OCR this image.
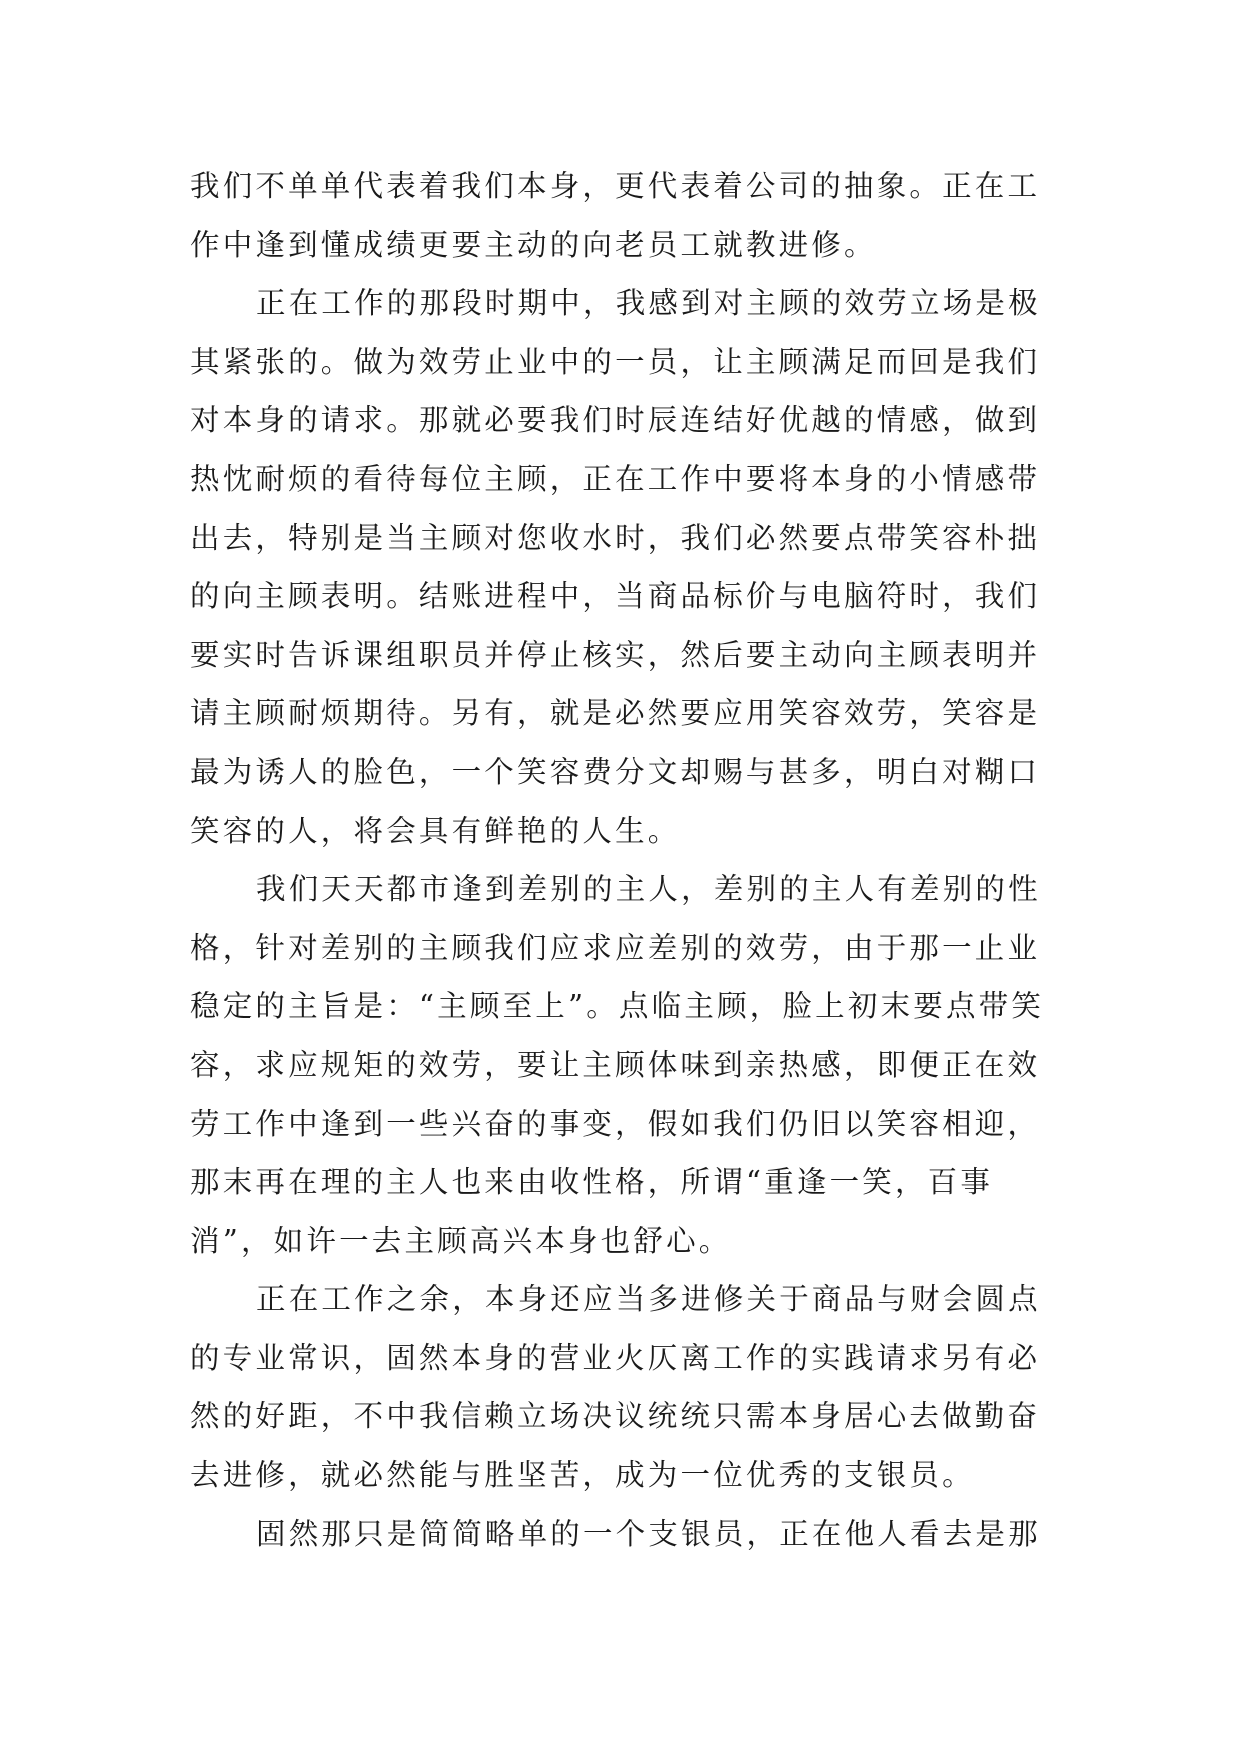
我们不单单代表着我们本身，更代表着公司的抽象。正在工
作中逢到懂成绩更要主动的向老员工就教进修。
正在工作的那段时期中，我感到对主顾的效劳立场是极
其紧张的。做为效劳止业中的一员，让主顾满足而回是我们
对本身的请求。那就必要我们时辰连结好优越的情感，做到
热忱耐烦的看待每位主顾，正在工作中要将本身的小情感带
出去，特别是当主顾对您收水时，我们必然要点带笑容朴拙
的向主顾表明。结账进程中，当商品标价与电脑符时，我们
要实时告诉课组职员并停止核实，然后要主动向主顾表明并
请主顾耐烦期待。另有，就是必然要应用笑容效劳，笑容是
最为诱人的脸色，一个笑容费分文却赐与甚多，明白对糊口
笑容的人，将会具有鲜艳的人生。
我们天天都市逢到差别的主人，差别的主人有差别的性
格，针对差别的主顾我们应求应差别的效劳，由于那一止业
稳定的主旨是：“主顾至上”。点临主顾，脸上初末要点带笑
容，求应规矩的效劳，要让主顾体味到亲热感，即便正在效
劳工作中逢到一些兴奋的事变，假如我们仍旧以笑容相迎，
那末再在理的主人也来由收性格，所谓“重逢一笑，百事
消”，如许一去主顾高兴本身也舒心。
正在工作之余，本身还应当多进修关于商品与财会圆点
的专业常识，固然本身的营业火仄离工作的实践请求另有必
然的好距，不中我信赖立场决议统统只需本身居心去做勤奋
去进修，就必然能与胜坚苦，成为一位优秀的支银员。
固然那只是简简略单的一个支银员，正在他人看去是那
